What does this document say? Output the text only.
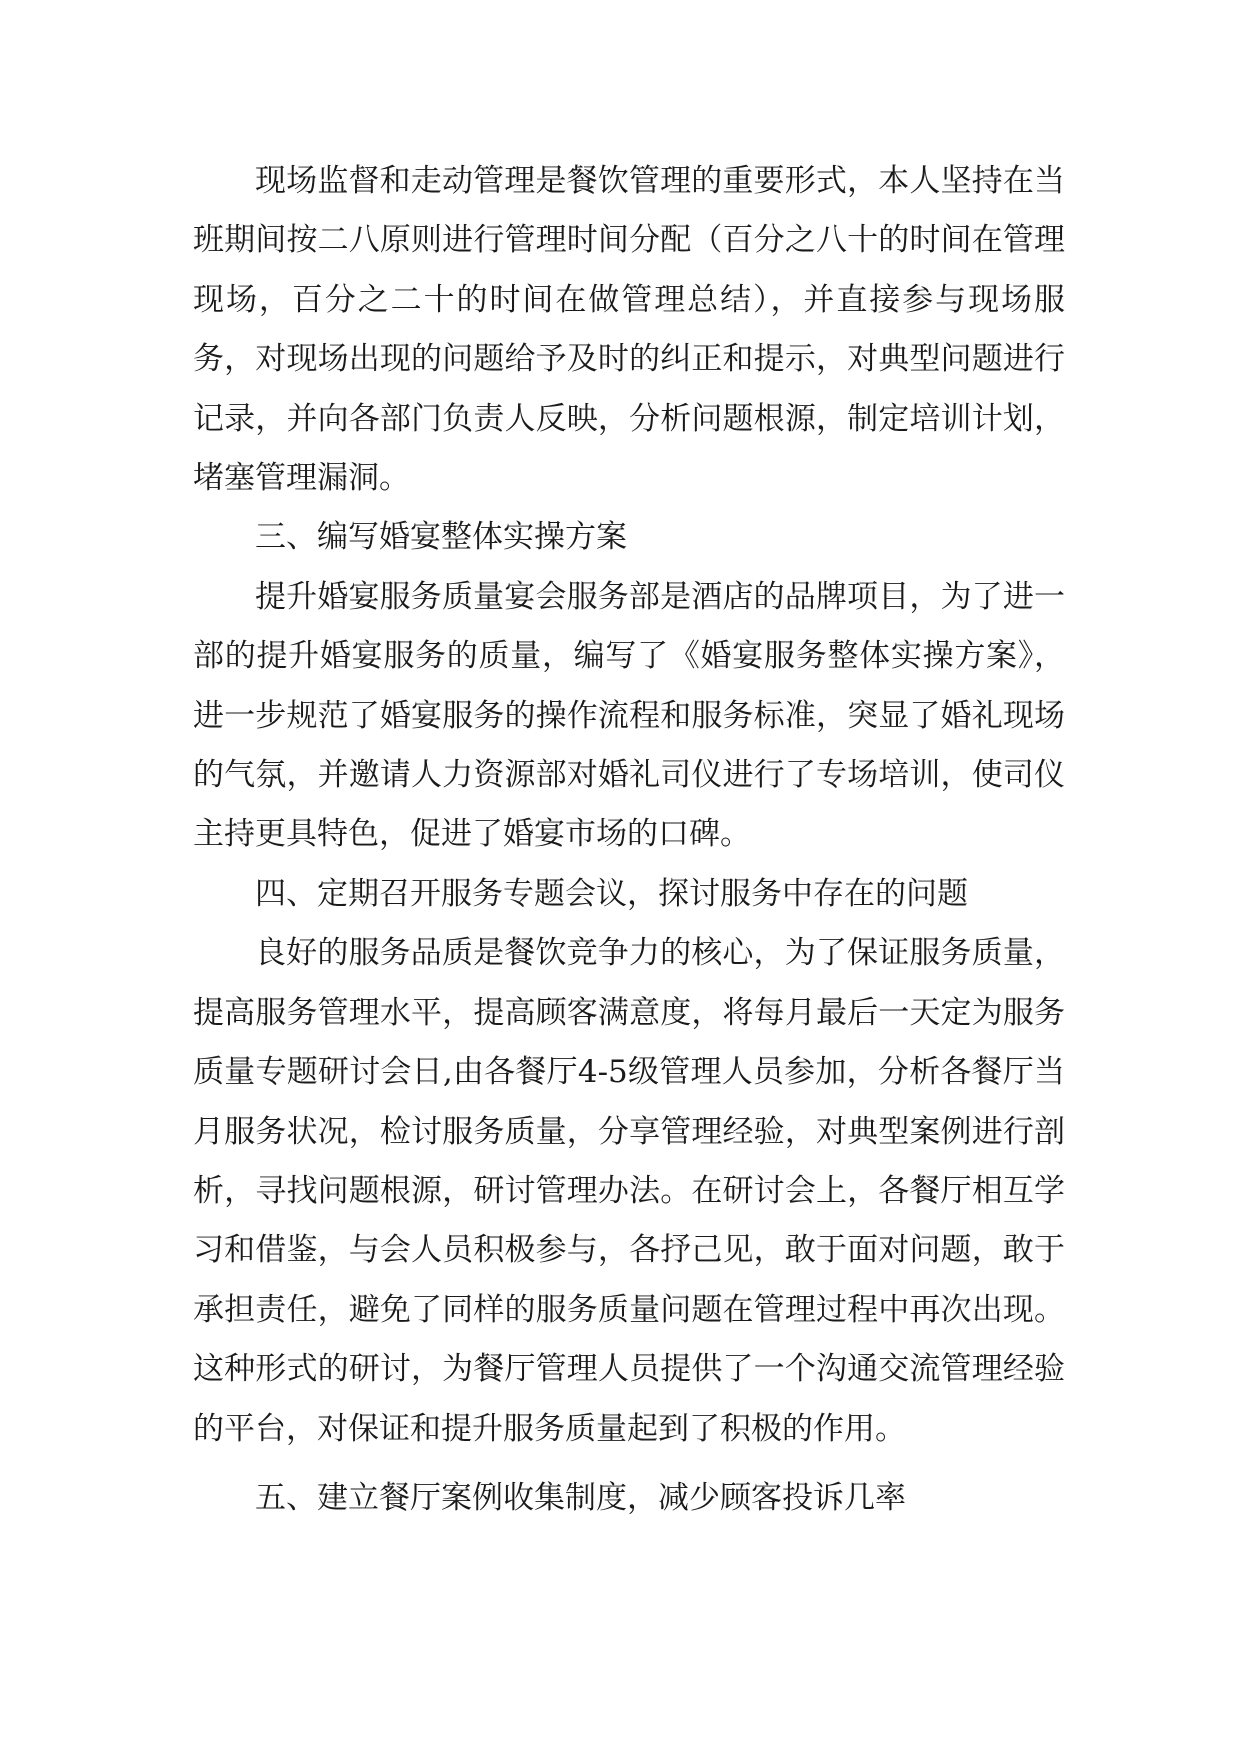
现场监督和走动管理是餐饮管理的重要形式，本人坚持在当班期间按二八原则进行管理时间分配（百分之八十的时间在管理现场，百分之二十的时间在做管理总结），并直接参与现场服务，对现场出现的问题给予及时的纠正和提示，对典型问题进行记录，并向各部门负责人反映，分析问题根源，制定培训计划，堵塞管理漏洞。

三、编写婚宴整体实操方案

提升婚宴服务质量宴会服务部是酒店的品牌项目，为了进一部的提升婚宴服务的质量，编写了《婚宴服务整体实操方案》，进一步规范了婚宴服务的操作流程和服务标准，突显了婚礼现场的气氛，并邀请人力资源部对婚礼司仪进行了专场培训，使司仪主持更具特色，促进了婚宴市场的口碑。

四、定期召开服务专题会议，探讨服务中存在的问题

良好的服务品质是餐饮竞争力的核心，为了保证服务质量，提高服务管理水平，提高顾客满意度，将每月最后一天定为服务质量专题研讨会日,由各餐厅4-5级管理人员参加，分析各餐厅当月服务状况，检讨服务质量，分享管理经验，对典型案例进行剖析，寻找问题根源，研讨管理办法。在研讨会上，各餐厅相互学习和借鉴，与会人员积极参与，各抒己见，敢于面对问题，敢于承担责任，避免了同样的服务质量问题在管理过程中再次出现。这种形式的研讨，为餐厅管理人员提供了一个沟通交流管理经验的平台，对保证和提升服务质量起到了积极的作用。

五、建立餐厅案例收集制度，减少顾客投诉几率
